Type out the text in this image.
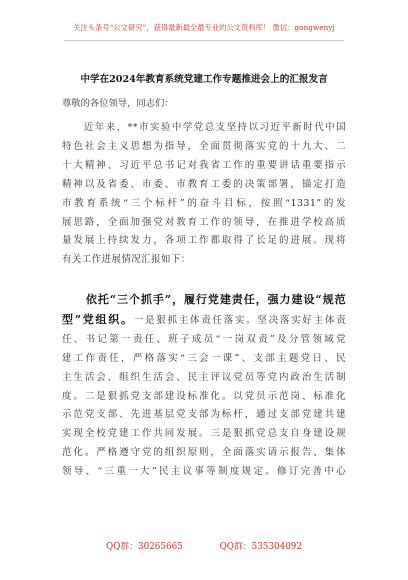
关注头条号“公文研究”，获得最新最全最专业的公文资料库！ 微信：gongwenyj
中学在2024年教育系统党建工作专题推进会上的汇报发言
尊敬的各位领导，同志们：
　　近年来，**市实验中学党总支坚持以习近平新时代中国
特色社会主义思想为指导，全面贯彻落实党的十九大、二
十大精神、习近平总书记对我省工作的重要讲话重要指示
精神以及省委、市委、市教育工委的决策部署，锚定打造
市教育系统“三个标杆”的奋斗目标，按照“1331”的发
展思路，全面加强党对教育工作的领导，在推进学校高质
量发展上持续发力，各项工作都取得了长足的进展。现将
有关工作进展情况汇报如下：
　　依托“三个抓手”，履行党建责任，强力建设“规范
型”党组织。一是狠抓主体责任落实。坚决落实好主体责
任、书记第一责任、班子成员“一岗双责”及分管领域党
建工作责任，严格落实“三会一课”、支部主题党日、民
主生活会、组织生活会、民主评议党员等党内政治生活制
度。二是狠抓党支部建设标准化。以党员示范岗、标准化
示范党支部、先进基层党支部为标杆，通过支部党建共建
实现全校党建工作共同发展。三是狠抓党总支自身建设规
范化。严格遵守党的组织原则，全面落实请示报告、集体
领导、“三重一大”民主议事等制度规定。修订完善中心
QQ群：30265665	QQ群：535304092
